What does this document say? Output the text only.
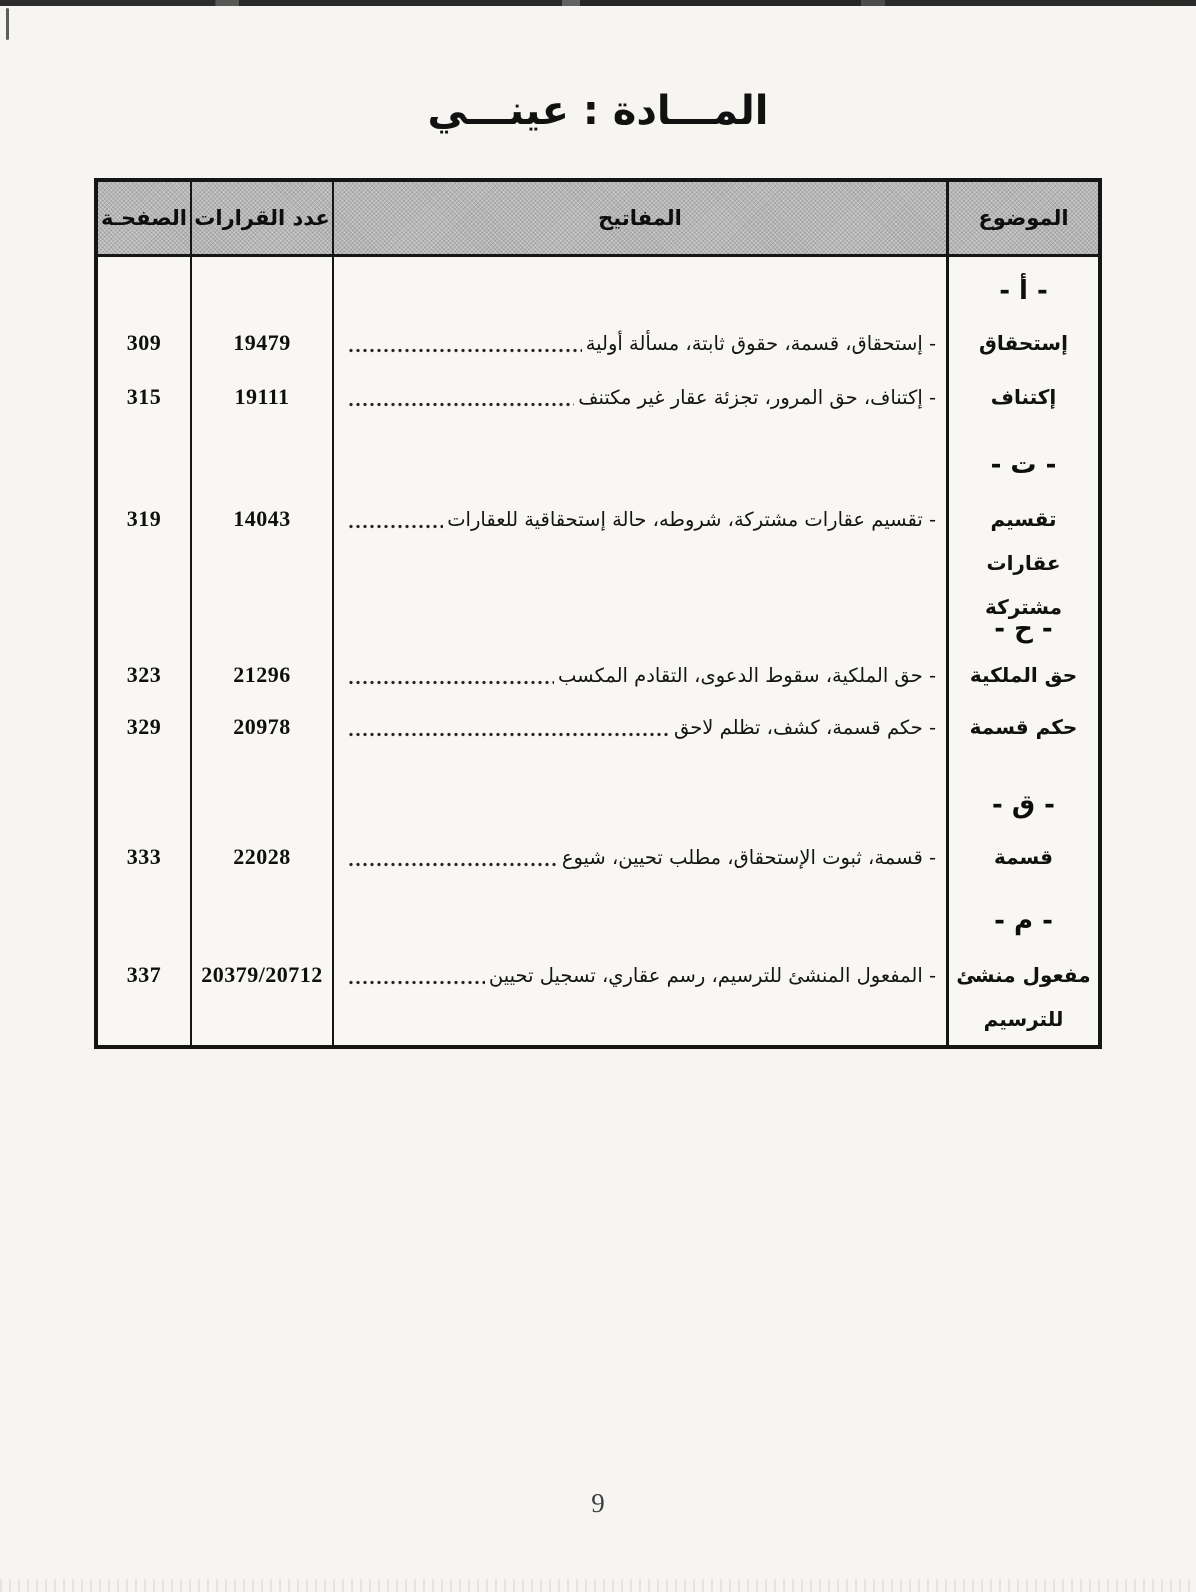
المـــادة : عينـــي
الموضوع
المفاتيح
عدد القرارات
الصفحـة
- أ -
إستحقاق
إكتناف
- ت -
تقسيم عقارات مشتركة
- ح -
حق الملكية
حكم قسمة
- ق -
قسمة
- م -
مفعول منشئ للترسيم
- إستحقاق، قسمة، حقوق ثابتة، مسألة أولية
- إكتناف، حق المرور، تجزئة عقار غير مكتنف
- تقسيم عقارات مشتركة، شروطه، حالة إستحقاقية للعقارات
- حق الملكية، سقوط الدعوى، التقادم المكسب
- حكم قسمة، كشف، تظلم لاحق
- قسمة، ثبوت الإستحقاق، مطلب تحيين، شيوع
- المفعول المنشئ للترسيم، رسم عقاري، تسجيل تحيين
19479
19111
14043
21296
20978
22028
20379/20712
309
315
319
323
329
333
337
9
